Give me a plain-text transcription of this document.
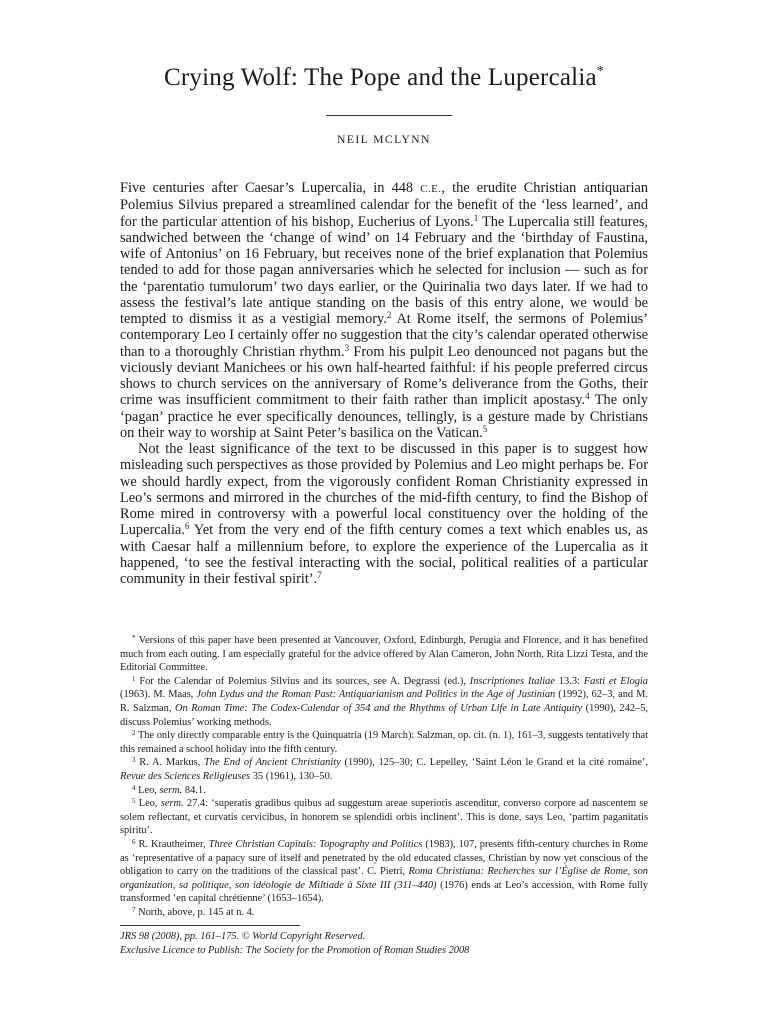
Crying Wolf: The Pope and the Lupercalia*
NEIL MCLYNN

Five centuries after Caesar’s Lupercalia, in 448 C.E., the erudite Christian antiquarian Polemius Silvius prepared a streamlined calendar for the benefit of the ‘less learned’, and for the particular attention of his bishop, Eucherius of Lyons.$^1$ The Lupercalia still features, sandwiched between the ‘change of wind’ on 14 February and the ‘birthday of Faustina, wife of Antonius’ on 16 February, but receives none of the brief explanation that Polemius tended to add for those pagan anniversaries which he selected for inclusion — such as for the ‘parentatio tumulorum’ two days earlier, or the Quirinalia two days later. If we had to assess the festival’s late antique standing on the basis of this entry alone, we would be tempted to dismiss it as a vestigial memory.$^2$ At Rome itself, the sermons of Polemius’ contemporary Leo I certainly offer no suggestion that the city’s calendar operated otherwise than to a thoroughly Christian rhythm.$^3$ From his pulpit Leo denounced not pagans but the viciously deviant Manichees or his own half-hearted faithful: if his people preferred circus shows to church services on the anniversary of Rome’s deliverance from the Goths, their crime was insufficient commitment to their faith rather than implicit apostasy.$^4$ The only ‘pagan’ practice he ever specifically denounces, tellingly, is a gesture made by Christians on their way to worship at Saint Peter’s basilica on the Vatican.$^5$

Not the least significance of the text to be discussed in this paper is to suggest how misleading such perspectives as those provided by Polemius and Leo might perhaps be. For we should hardly expect, from the vigorously confident Roman Christianity expressed in Leo’s sermons and mirrored in the churches of the mid-fifth century, to find the Bishop of Rome mired in controversy with a powerful local constituency over the holding of the Lupercalia.$^6$ Yet from the very end of the fifth century comes a text which enables us, as with Caesar half a millennium before, to explore the experience of the Lupercalia as it happened, ‘to see the festival interacting with the social, political realities of a particular community in their festival spirit’.$^7$

* Versions of this paper have been presented at Vancouver, Oxford, Edinburgh, Perugia and Florence, and it has benefited much from each outing. I am especially grateful for the advice offered by Alan Cameron, John North, Rita Lizzi Testa, and the Editorial Committee.

$^1$ For the Calendar of Polemius Silvius and its sources, see A. Degrassi (ed.), Inscriptiones Italiae 13.3: Fasti et Elogia (1963). M. Maas, John Lydus and the Roman Past: Antiquarianism and Politics in the Age of Justinian (1992), 62–3, and M. R. Salzman, On Roman Time: The Codex-Calendar of 354 and the Rhythms of Urban Life in Late Antiquity (1990), 242–5, discuss Polemius’ working methods.

$^2$ The only directly comparable entry is the Quinquatria (19 March): Salzman, op. cit. (n. 1), 161–3, suggests tentatively that this remained a school holiday into the fifth century.

$^3$ R. A. Markus, The End of Ancient Christianity (1990), 125–30; C. Lepelley, ‘Saint Léon le Grand et la cité romaine’, Revue des Sciences Religieuses 35 (1961), 130–50.

$^4$ Leo, serm. 84.1.

$^5$ Leo, serm. 27.4: ‘superatis gradibus quibus ad suggestum areae superioris ascenditur, converso corpore ad nascentem se solem reflectant, et curvatis cervicibus, in honorem se splendidi orbis inclinent’. This is done, says Leo, ‘partim paganitatis spiritu’.

$^6$ R. Krautheimer, Three Christian Capitals: Topography and Politics (1983), 107, presents fifth-century churches in Rome as ‘representative of a papacy sure of itself and penetrated by the old educated classes, Christian by now yet conscious of the obligation to carry on the traditions of the classical past’. C. Pietri, Roma Christiana: Recherches sur l’Église de Rome, son organization, sa politique, son idéologie de Miltiade à Sixte III (311–440) (1976) ends at Leo’s accession, with Rome fully transformed ‘en capital chrétienne’ (1653–1654).

$^7$ North, above, p. 145 at n. 4.

JRS 98 (2008), pp. 161–175. © World Copyright Reserved.
Exclusive Licence to Publish: The Society for the Promotion of Roman Studies 2008
